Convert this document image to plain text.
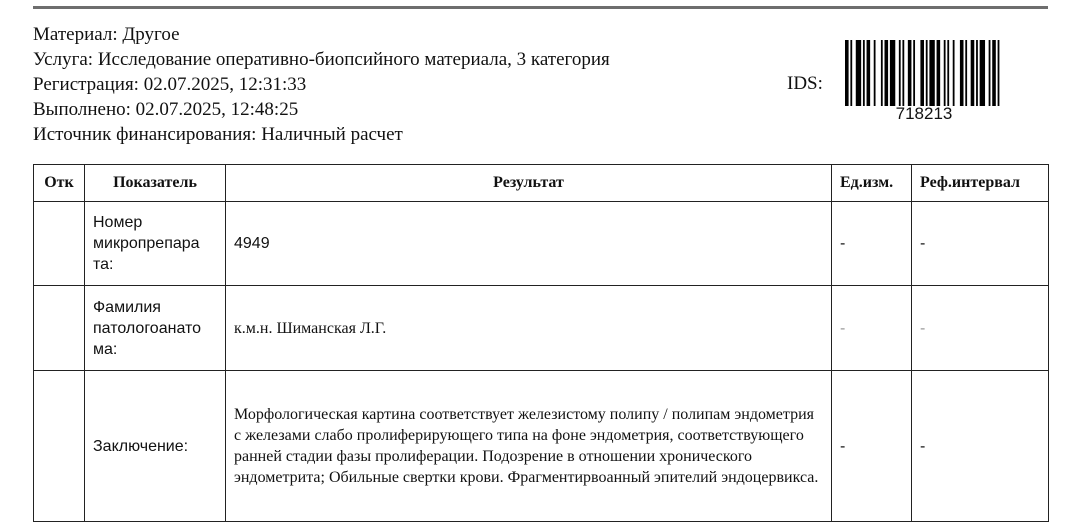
Материал: Другое
Услуга: Исследование оперативно-биопсийного материала, 3 категория
Регистрация: 02.07.2025, 12:31:33
Выполнено: 02.07.2025, 12:48:25
Источник финансирования: Наличный расчет
IDS:
718213
Отк	Показатель	Результат	Ед.изм.	Реф.интервал
	Номер микропрепара та:	4949	-	-
	Фамилия патологоанато ма:	к.м.н. Шиманская Л.Г.	-	-
	Заключение:	Морфологическая картина соответствует железистому полипу / полипам эндометрия с железами слабо пролиферирующего типа на фоне эндометрия, соответствующего ранней стадии фазы пролиферации. Подозрение в отношении хронического эндометрита; Обильные свертки крови. Фрагментирвоанный эпителий эндоцервикса.	-	-
